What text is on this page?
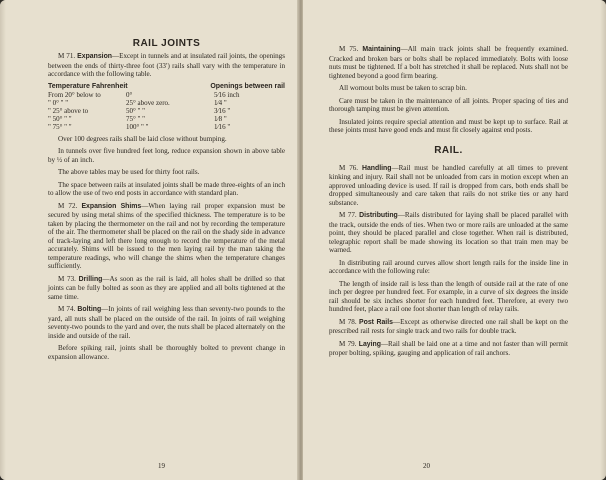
RAIL JOINTS

M 71. Expansion—Except in tunnels and at insulated rail joints, the openings between the ends of thirty-three foot (33′) rails shall vary with the temperature in accordance with the following table.

Temperature Fahrenheit	Openings between rail
From 20° below to	0°	5⁄16 inch
" 0° " "	25° above zero.	1⁄4 "
" 25° above to	50° " "	3⁄16 "
" 50° " "	75° " "	1⁄8 "
" 75° " "	100° " "	1⁄16 "

Over 100 degrees rails shall be laid close without bumping.

In tunnels over five hundred feet long, reduce expansion shown in above table by ½ of an inch.

The above tables may be used for thirty foot rails.

The space between rails at insulated joints shall be made three-eights of an inch to allow the use of two end posts in accordance with standard plan.

M 72. Expansion Shims—When laying rail proper expansion must be secured by using metal shims of the specified thickness. The temperature is to be taken by placing the thermometer on the rail and not by recording the temperature of the air. The thermometer shall be placed on the rail on the shady side in advance of track-laying and left there long enough to record the temperature of the metal accurately. Shims will be issued to the men laying rail by the man taking the temperature readings, who will change the shims when the temperature changes sufficiently.

M 73. Drilling—As soon as the rail is laid, all holes shall be drilled so that joints can be fully bolted as soon as they are applied and all bolts tightened at the same time.

M 74. Bolting—In joints of rail weighing less than seventy-two pounds to the yard, all nuts shall be placed on the outside of the rail. In joints of rail weighing seventy-two pounds to the yard and over, the nuts shall be placed alternately on the inside and outside of the rail.

Before spiking rail, joints shall be thoroughly bolted to prevent change in expansion allowance.

19

M 75. Maintaining—All main track joints shall be frequently examined. Cracked and broken bars or bolts shall be replaced immediately. Bolts with loose nuts must be tightened. If a bolt has stretched it shall be replaced. Nuts shall not be tightened beyond a good firm bearing.

All wornout bolts must be taken to scrap bin.

Care must be taken in the maintenance of all joints. Proper spacing of ties and thorough tamping must be given attention.

Insulated joints require special attention and must be kept up to surface. Rail at these joints must have good ends and must fit closely against end posts.

RAIL.

M 76. Handling—Rail must be handled carefully at all times to prevent kinking and injury. Rail shall not be unloaded from cars in motion except when an approved unloading device is used. If rail is dropped from cars, both ends shall be dropped simultaneously and care taken that rails do not strike ties or any hard substance.

M 77. Distributing—Rails distributed for laying shall be placed parallel with the track, outside the ends of ties. When two or more rails are unloaded at the same point, they should be placed parallel and close together. When rail is distributed, telegraphic report shall be made showing its location so that train men may be warned.

In distributing rail around curves allow short length rails for the inside line in accordance with the following rule:

The length of inside rail is less than the length of outside rail at the rate of one inch per degree per hundred feet. For example, in a curve of six degrees the inside rail should be six inches shorter for each hundred feet. Therefore, at every two hundred feet, place a rail one foot shorter than length of relay rails.

M 78. Post Rails—Except as otherwise directed one rail shall be kept on the prescribed rail rests for single track and two rails for double track.

M 79. Laying—Rail shall be laid one at a time and not faster than will permit proper bolting, spiking, gauging and application of rail anchors.

20
